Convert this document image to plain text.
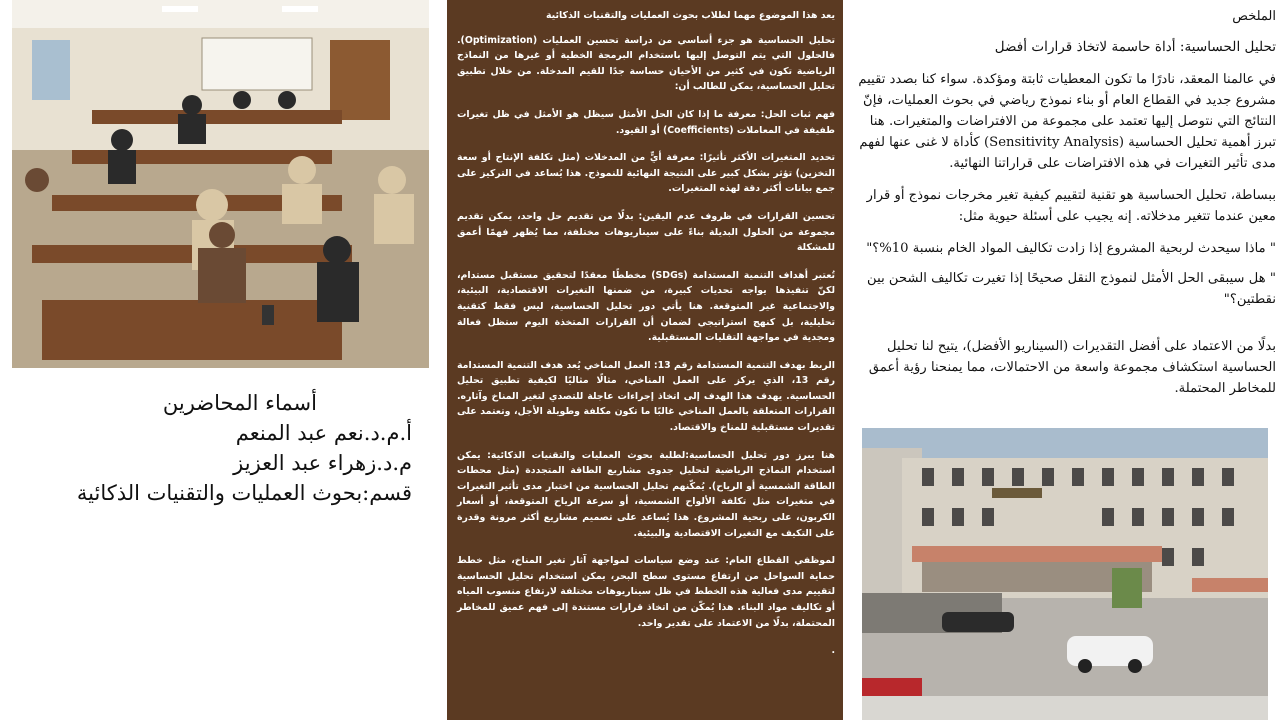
أسماء المحاضرين
أ.م.د.نعم عبد المنعم
م.د.زهراء عبد العزيز
قسم:بحوث العمليات والتقنيات الذكائية

يعد هذا الموضوع مهما لطلاب بحوث العمليات والتقنيات الذكائية

تحليل الحساسية هو جزء أساسي من دراسة تحسين العمليات (Optimization). فالحلول التي يتم التوصل إليها باستخدام البرمجة الخطية أو غيرها من النماذج الرياضية تكون في كثير من الأحيان حساسة جدًا للقيم المدخلة. من خلال تطبيق تحليل الحساسية، يمكن للطالب أن:

فهم ثبات الحل: معرفة ما إذا كان الحل الأمثل سيظل هو الأمثل في ظل تغيرات طفيفة في المعاملات (Coefficients) أو القيود.

تحديد المتغيرات الأكثر تأثيرًا: معرفة أيٍّ من المدخلات (مثل تكلفة الإنتاج أو سعة التخزين) تؤثر بشكل كبير على النتيجة النهائية للنموذج. هذا يُساعد في التركيز على جمع بيانات أكثر دقة لهذه المتغيرات.

تحسين القرارات في ظروف عدم اليقين: بدلًا من تقديم حل واحد، يمكن تقديم مجموعة من الحلول البديلة بناءً على سيناريوهات مختلفة، مما يُظهر فهمًا أعمق للمشكلة

تُعتبر أهداف التنمية المستدامة (SDGs) مخططًا معقدًا لتحقيق مستقبل مستدام، لكنّ تنفيذها يواجه تحديات كبيرة، من ضمنها التغيرات الاقتصادية، البيئية، والاجتماعية غير المتوقعة. هنا يأتي دور تحليل الحساسية، ليس فقط كتقنية تحليلية، بل كنهج استراتيجي لضمان أن القرارات المتخذة اليوم ستظل فعالة ومجدية في مواجهة التقلبات المستقبلية.

الربط بهدف التنمية المستدامة رقم 13: العمل المناخي يُعد هدف التنمية المستدامة رقم 13، الذي يركز على العمل المناخي، مثالًا مثاليًا لكيفية تطبيق تحليل الحساسية. يهدف هذا الهدف إلى اتخاذ إجراءات عاجلة للتصدي لتغير المناخ وآثاره. القرارات المتعلقة بالعمل المناخي غالبًا ما تكون مكلفة وطويلة الأجل، وتعتمد على تقديرات مستقبلية للمناخ والاقتصاد.

هنا يبرز دور تحليل الحساسية:لطلبة بحوث العمليات والتقنيات الذكائية: يمكن استخدام النماذج الرياضية لتحليل جدوى مشاريع الطاقة المتجددة (مثل محطات الطاقة الشمسية أو الرياح). يُمكّنهم تحليل الحساسية من اختبار مدى تأثير التغيرات في متغيرات مثل تكلفة الألواح الشمسية، أو سرعة الرياح المتوقعة، أو أسعار الكربون، على ربحية المشروع. هذا يُساعد على تصميم مشاريع أكثر مرونة وقدرة على التكيف مع التغيرات الاقتصادية والبيئية.

لموظفي القطاع العام: عند وضع سياسات لمواجهة آثار تغير المناخ، مثل خطط حماية السواحل من ارتفاع مستوى سطح البحر، يمكن استخدام تحليل الحساسية لتقييم مدى فعالية هذه الخطط في ظل سيناريوهات مختلفة لارتفاع منسوب المياه أو تكاليف مواد البناء. هذا يُمكّن من اتخاذ قرارات مستندة إلى فهم عميق للمخاطر المحتملة، بدلًا من الاعتماد على تقدير واحد.

.

الملخص
تحليل الحساسية: أداة حاسمة لاتخاذ قرارات أفضل

في عالمنا المعقد، نادرًا ما تكون المعطيات ثابتة ومؤكدة. سواء كنا بصدد تقييم مشروع جديد في القطاع العام أو بناء نموذج رياضي في بحوث العمليات، فإنّ النتائج التي نتوصل إليها تعتمد على مجموعة من الافتراضات والمتغيرات. هنا تبرز أهمية تحليل الحساسية (Sensitivity Analysis) كأداة لا غنى عنها لفهم مدى تأثير التغيرات في هذه الافتراضات على قراراتنا النهائية.

ببساطة، تحليل الحساسية هو تقنية لتقييم كيفية تغير مخرجات نموذج أو قرار معين عندما تتغير مدخلاته. إنه يجيب على أسئلة حيوية مثل:

" ماذا سيحدث لربحية المشروع إذا زادت تكاليف المواد الخام بنسبة 10%؟"

" هل سيبقى الحل الأمثل لنموذج النقل صحيحًا إذا تغيرت تكاليف الشحن بين نقطتين؟"

بدلًا من الاعتماد على أفضل التقديرات (السيناريو الأفضل)، يتيح لنا تحليل الحساسية استكشاف مجموعة واسعة من الاحتمالات، مما يمنحنا رؤية أعمق للمخاطر المحتملة.
